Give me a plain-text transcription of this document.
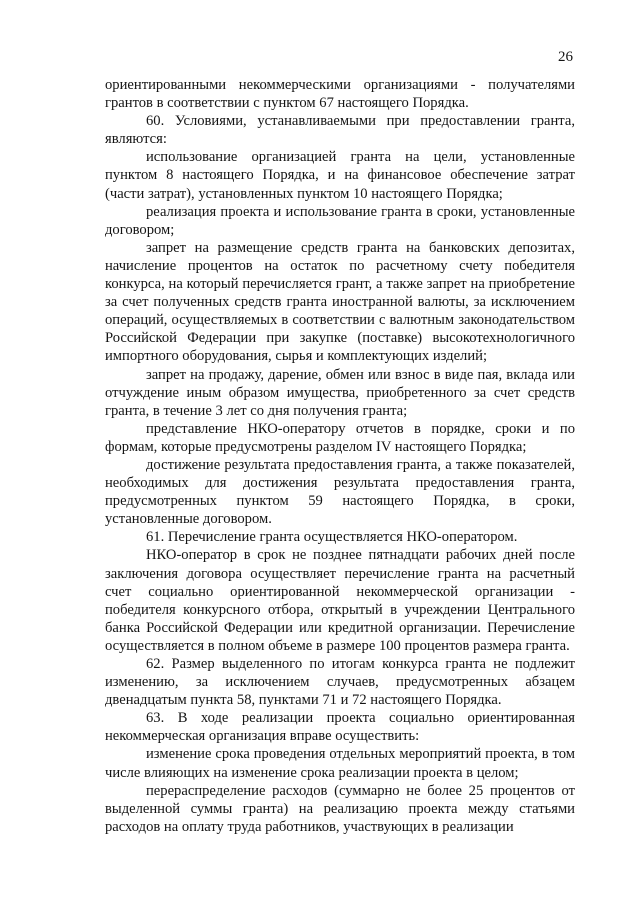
26

ориентированными некоммерческими организациями - получателями грантов в соответствии с пунктом 67 настоящего Порядка.

60. Условиями, устанавливаемыми при предоставлении гранта, являются:

использование организацией гранта на цели, установленные пунктом 8 настоящего Порядка, и на финансовое обеспечение затрат (части затрат), установленных пунктом 10 настоящего Порядка;

реализация проекта и использование гранта в сроки, установленные договором;

запрет на размещение средств гранта на банковских депозитах, начисление процентов на остаток по расчетному счету победителя конкурса, на который перечисляется грант, а также запрет на приобретение за счет полученных средств гранта иностранной валюты, за исключением операций, осуществляемых в соответствии с валютным законодательством Российской Федерации при закупке (поставке) высокотехнологичного импортного оборудования, сырья и комплектующих изделий;

запрет на продажу, дарение, обмен или взнос в виде пая, вклада или отчуждение иным образом имущества, приобретенного за счет средств гранта, в течение 3 лет со дня получения гранта;

представление НКО-оператору отчетов в порядке, сроки и по формам, которые предусмотрены разделом IV настоящего Порядка;

достижение результата предоставления гранта, а также показателей, необходимых для достижения результата предоставления гранта, предусмотренных пунктом 59 настоящего Порядка, в сроки, установленные договором.

61. Перечисление гранта осуществляется НКО-оператором.

НКО-оператор в срок не позднее пятнадцати рабочих дней после заключения договора осуществляет перечисление гранта на расчетный счет социально ориентированной некоммерческой организации - победителя конкурсного отбора, открытый в учреждении Центрального банка Российской Федерации или кредитной организации. Перечисление осуществляется в полном объеме в размере 100 процентов размера гранта.

62. Размер выделенного по итогам конкурса гранта не подлежит изменению, за исключением случаев, предусмотренных абзацем двенадцатым пункта 58, пунктами 71 и 72 настоящего Порядка.

63. В ходе реализации проекта социально ориентированная некоммерческая организация вправе осуществить:

изменение срока проведения отдельных мероприятий проекта, в том числе влияющих на изменение срока реализации проекта в целом;

перераспределение расходов (суммарно не более 25 процентов от выделенной суммы гранта) на реализацию проекта между статьями расходов на оплату труда работников, участвующих в реализации
